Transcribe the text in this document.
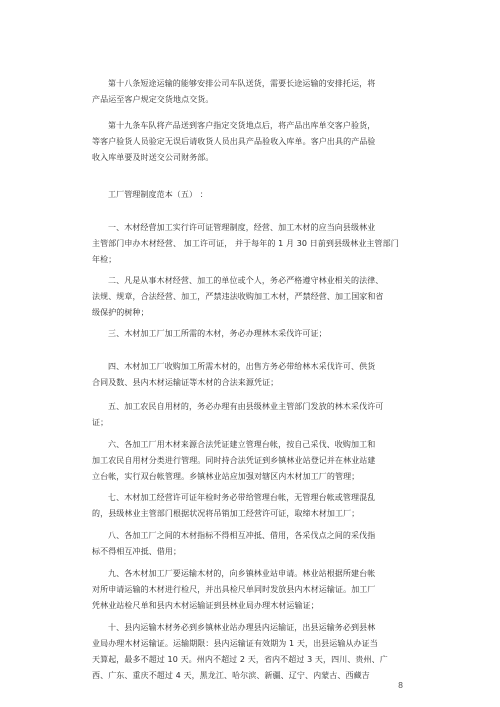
第十八条短途运输的能够安排公司车队送货，需要长途运输的安排托运，将
产品运至客户规定交货地点交货。

第十九条车队将产品送到客户指定交货地点后，将产品出库单交客户验货，
等客户验货人员验定无误后请收货人员出具产品验收入库单。客户出具的产品验
收入库单要及时送交公司财务部。

工厂管理制度范本（五） ：

一、木材经营加工实行许可证管理制度，经营、加工木材的应当向县级林业
主管部门申办木材经营、 加工许可证， 并于每年的 1 月 30 日前到县级林业主管部门
年检；

二、凡是从事木材经营、加工的单位或个人，务必严格遵守林业相关的法律、
法规、规章，合法经营、加工，严禁违法收购加工木材，严禁经营、加工国家和省
级保护的树种；

三、木材加工厂加工所需的木材，务必办理林木采伐许可证；

四、木材加工厂收购加工所需木材的，出售方务必带给林木采伐许可、供货
合同及数、县内木材运输证等木材的合法来源凭证；

五、加工农民自用材的，务必办理有由县级林业主管部门发放的林木采伐许可
证；

六、各加工厂用木材来源合法凭证建立管理台帐，按自己采伐、收购加工和
加工农民自用材分类进行管理。同时持合法凭证到乡镇林业站登记并在林业站建
立台帐，实行双台帐管理。乡镇林业站应加强对辖区内木材加工厂的管理；

七、木材加工经营许可证年检时务必带给管理台帐，无管理台帐或管理混乱
的，县级林业主管部门根据状况将吊销加工经营许可证，取缔木材加工厂；

八、各加工厂之间的木材指标不得相互冲抵、借用，各采伐点之间的采伐指
标不得相互冲抵、借用；

九、各木材加工厂要运输木材的，向乡镇林业站申请。林业站根据所建台帐
对所申请运输的木材进行检尺，并出具检尺单同时发放县内木材运输证。加工厂
凭林业站检尺单和县内木材运输证到县林业局办理木材运输证；

十、县内运输木材务必到乡镇林业站办理县内运输证，出县运输务必到县林
业局办理木材运输证。运输期限：县内运输证有效期为 1 天，出县运输从办证当
天算起，最多不超过 10 天。州内不超过 2 天，省内不超过 3 天，四川、贵州、广
西、广东、重庆不超过 4 天，黑龙江、哈尔滨、新疆、辽宁、内蒙古、西藏吉

8
